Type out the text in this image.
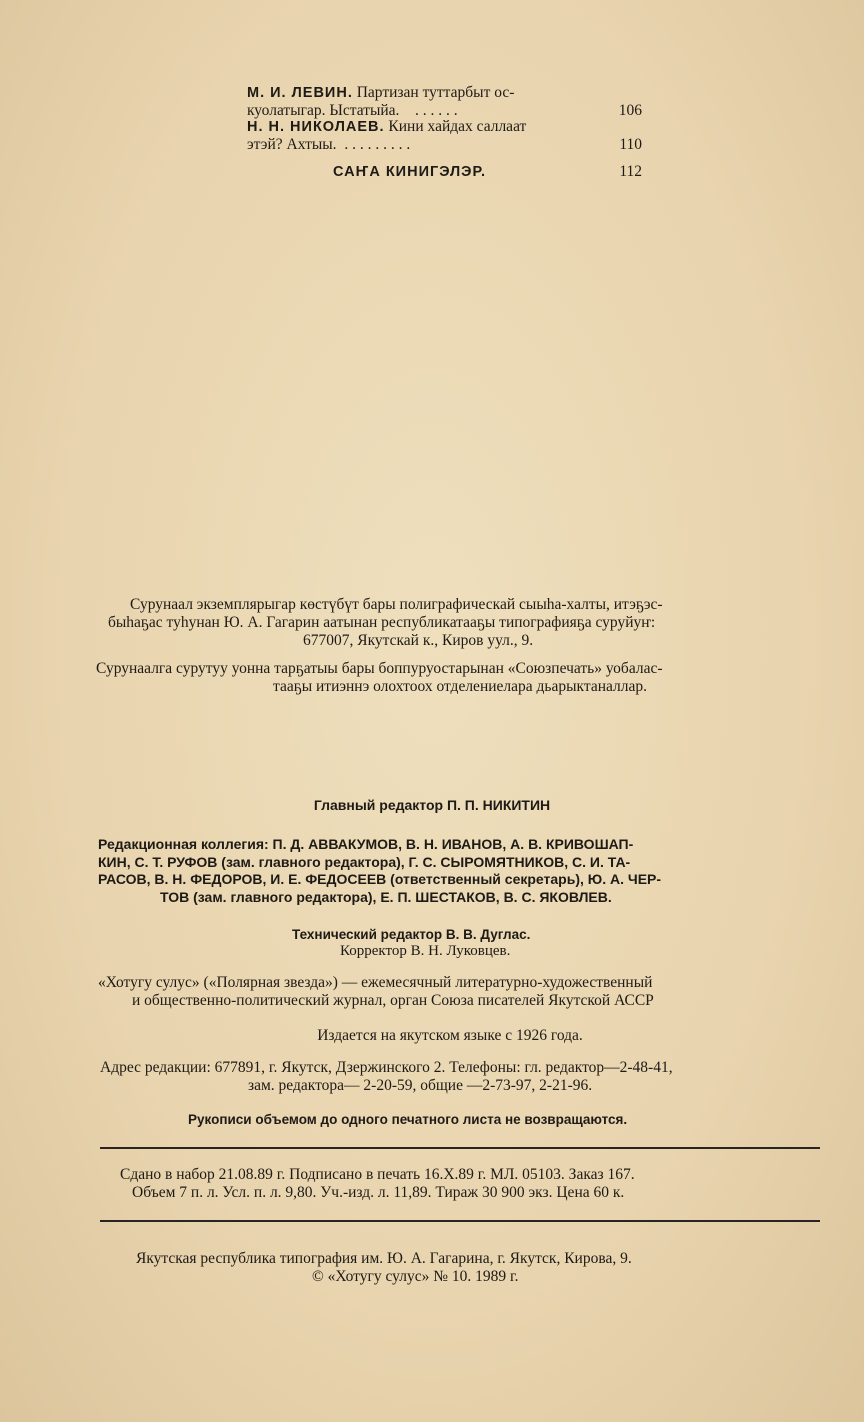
М. И. ЛЕВИН. Партизан туттарбыт ос-
куолатыгар. Ыстатыйа. . . . . . .	106
Н. Н. НИКОЛАЕВ. Кини хайдах саллаат
этэй? Ахтыы. . . . . . . . . .	110
САҤА КИНИГЭЛЭР.	112
Сурунаал экземплярыгар көстүбүт бары полиграфическай сыыһа-халты, итэҕэс-
быһаҕас туһунан Ю. А. Гагарин аатынан республикатааҕы типографияҕа суруйуҥ:
677007, Якутскай к., Киров уул., 9.
Сурунаалга сурутуу уонна тарҕатыы бары боппуруостарынан «Союзпечать» уобалас-
тааҕы итиэннэ олохтоох отделениелара дьарыктаналлар.
Главный редактор П. П. НИКИТИН
Редакционная коллегия: П. Д. АВВАКУМОВ, В. Н. ИВАНОВ, А. В. КРИВОШАП-
КИН, С. Т. РУФОВ (зам. главного редактора), Г. С. СЫРОМЯТНИКОВ, С. И. ТА-
РАСОВ, В. Н. ФЕДОРОВ, И. Е. ФЕДОСЕЕВ (ответственный секретарь), Ю. А. ЧЕР-
ТОВ (зам. главного редактора), Е. П. ШЕСТАКОВ, В. С. ЯКОВЛЕВ.
Технический редактор В. В. Дуглас.
Корректор В. Н. Луковцев.
«Хотугу сулус» («Полярная звезда») — ежемесячный литературно-художественный
и общественно-политический журнал, орган Союза писателей Якутской АССР
Издается на якутском языке с 1926 года.
Адрес редакции: 677891, г. Якутск, Дзержинского 2. Телефоны: гл. редактор—2-48-41,
зам. редактора— 2-20-59, общие —2-73-97, 2-21-96.
Рукописи объемом до одного печатного листа не возвращаются.
Сдано в набор 21.08.89 г. Подписано в печать 16.X.89 г. МЛ. 05103. Заказ 167.
Объем 7 п. л. Усл. п. л. 9,80. Уч.-изд. л. 11,89. Тираж 30 900 экз. Цена 60 к.
Якутская республика типография им. Ю. А. Гагарина, г. Якутск, Кирова, 9.
© «Хотугу сулус» № 10. 1989 г.
